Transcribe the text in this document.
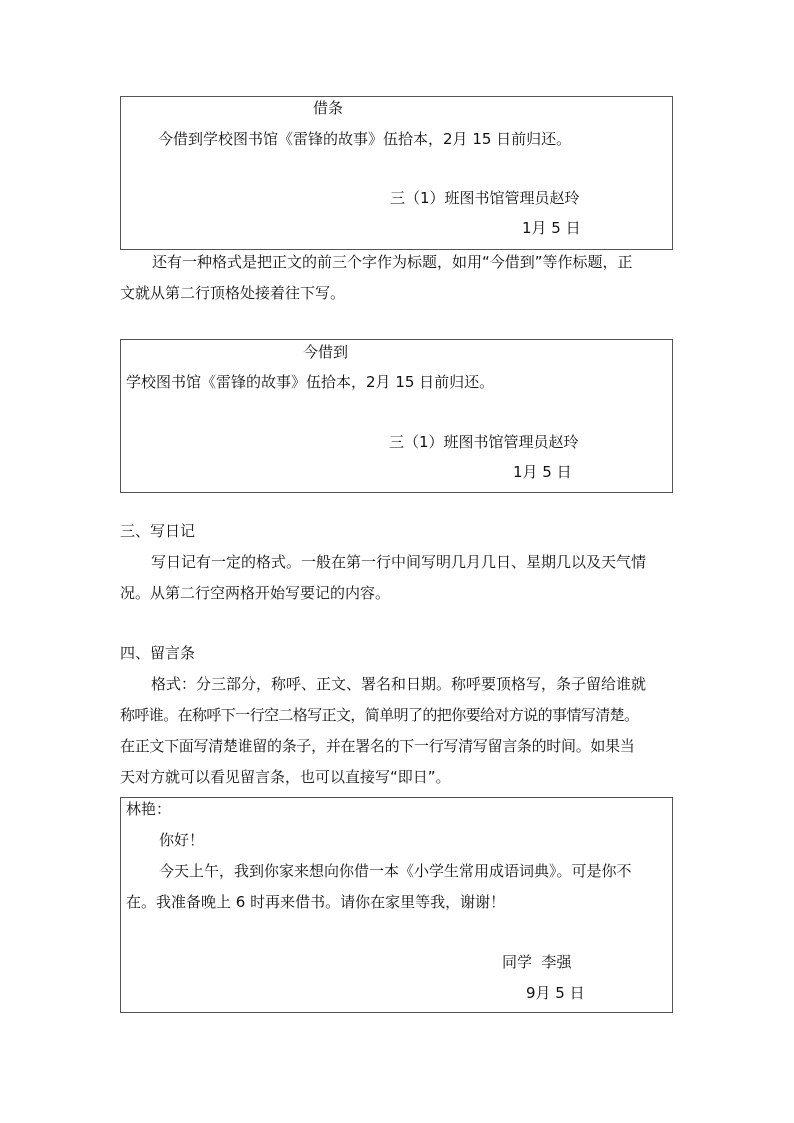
借条
今借到学校图书馆《雷锋的故事》伍拾本，2月 15 日前归还。
三（1）班图书馆管理员赵玲
1月 5 日
还有一种格式是把正文的前三个字作为标题，如用“今借到”等作标题，正
文就从第二行顶格处接着往下写。
今借到
学校图书馆《雷锋的故事》伍拾本，2月 15 日前归还。
三（1）班图书馆管理员赵玲
1月 5 日
三、写日记
写日记有一定的格式。一般在第一行中间写明几月几日、星期几以及天气情
况。从第二行空两格开始写要记的内容。
四、留言条
格式：分三部分，称呼、正文、署名和日期。称呼要顶格写，条子留给谁就
称呼谁。在称呼下一行空二格写正文，简单明了的把你要给对方说的事情写清楚。
在正文下面写清楚谁留的条子，并在署名的下一行写清写留言条的时间。如果当
天对方就可以看见留言条，也可以直接写“即日”。
林艳：
你好！
今天上午，我到你家来想向你借一本《小学生常用成语词典》。可是你不
在。我准备晚上 6 时再来借书。请你在家里等我，谢谢！
同学  李强
9月 5 日
